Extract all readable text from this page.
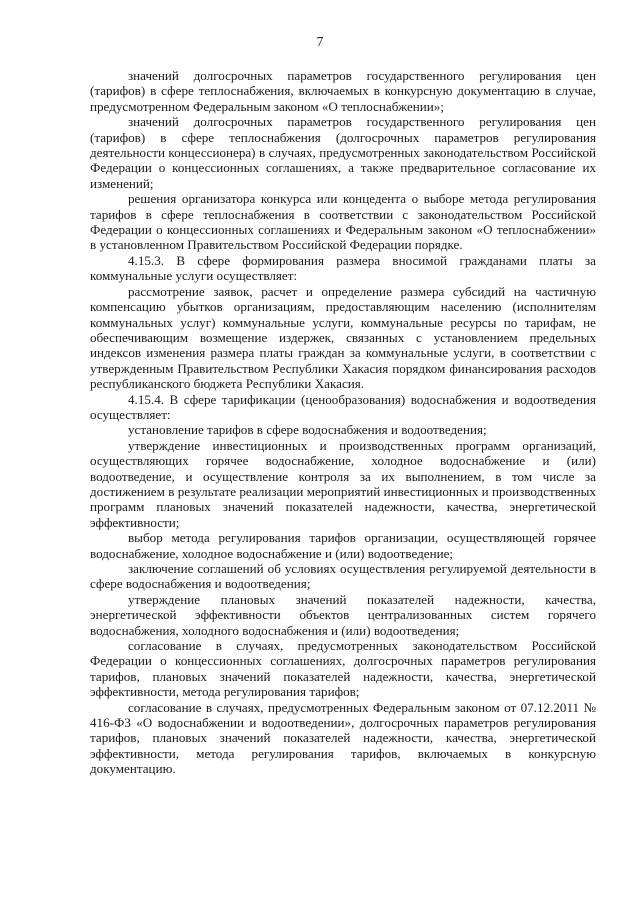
7

значений долгосрочных параметров государственного регулирования цен (тарифов) в сфере теплоснабжения, включаемых в конкурсную документацию в случае, предусмотренном Федеральным законом «О теплоснабжении»;

значений долгосрочных параметров государственного регулирования цен (тарифов) в сфере теплоснабжения (долгосрочных параметров регулирования деятельности концессионера) в случаях, предусмотренных законодательством Российской Федерации о концессионных соглашениях, а также предварительное согласование их изменений;

решения организатора конкурса или концедента о выборе метода регулирования тарифов в сфере теплоснабжения в соответствии с законодательством Российской Федерации о концессионных соглашениях и Федеральным законом «О теплоснабжении» в установленном Правительством Российской Федерации порядке.

4.15.3. В сфере формирования размера вносимой гражданами платы за коммунальные услуги осуществляет:

рассмотрение заявок, расчет и определение размера субсидий на частичную компенсацию убытков организациям, предоставляющим населению (исполнителям коммунальных услуг) коммунальные услуги, коммунальные ресурсы по тарифам, не обеспечивающим возмещение издержек, связанных с установлением предельных индексов изменения размера платы граждан за коммунальные услуги, в соответствии с утвержденным Правительством Республики Хакасия порядком финансирования расходов республиканского бюджета Республики Хакасия.

4.15.4. В сфере тарификации (ценообразования) водоснабжения и водоотведения осуществляет:

установление тарифов в сфере водоснабжения и водоотведения;

утверждение инвестиционных и производственных программ организаций, осуществляющих горячее водоснабжение, холодное водоснабжение и (или) водоотведение, и осуществление контроля за их выполнением, в том числе за достижением в результате реализации мероприятий инвестиционных и производственных программ плановых значений показателей надежности, качества, энергетической эффективности;

выбор метода регулирования тарифов организации, осуществляющей горячее водоснабжение, холодное водоснабжение и (или) водоотведение;

заключение соглашений об условиях осуществления регулируемой деятельности в сфере водоснабжения и водоотведения;

утверждение плановых значений показателей надежности, качества, энергетической эффективности объектов централизованных систем горячего водоснабжения, холодного водоснабжения и (или) водоотведения;

согласование в случаях, предусмотренных законодательством Российской Федерации о концессионных соглашениях, долгосрочных параметров регулирования тарифов, плановых значений показателей надежности, качества, энергетической эффективности, метода регулирования тарифов;

согласование в случаях, предусмотренных Федеральным законом от 07.12.2011 № 416-ФЗ «О водоснабжении и водоотведении», долгосрочных параметров регулирования тарифов, плановых значений показателей надежности, качества, энергетической эффективности, метода регулирования тарифов, включаемых в конкурсную документацию.
